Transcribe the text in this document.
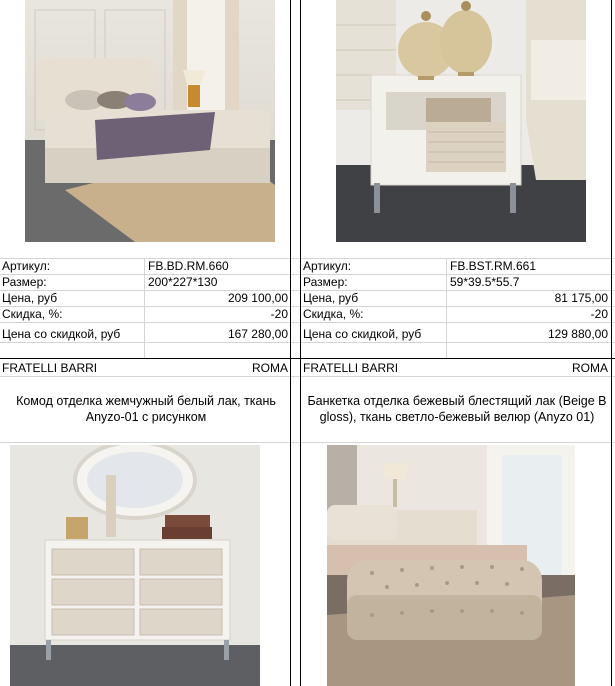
Артикул:	FB.BD.RM.660
Размер:	200*227*130
Цена, руб	209 100,00
Скидка, %:	-20
Цена со скидкой, руб	167 280,00
FRATELLI BARRI	ROMA
Артикул:	FB.BST.RM.661
Размер:	59*39.5*55.7
Цена, руб	81 175,00
Скидка, %:	-20
Цена со скидкой, руб	129 880,00
FRATELLI BARRI	ROMA
Комод отделка жемчужный белый лак, ткань Anyzo-01 с рисунком
Банкетка отделка бежевый блестящий лак (Beige B gloss), ткань светло-бежевый велюр (Anyzo 01)
